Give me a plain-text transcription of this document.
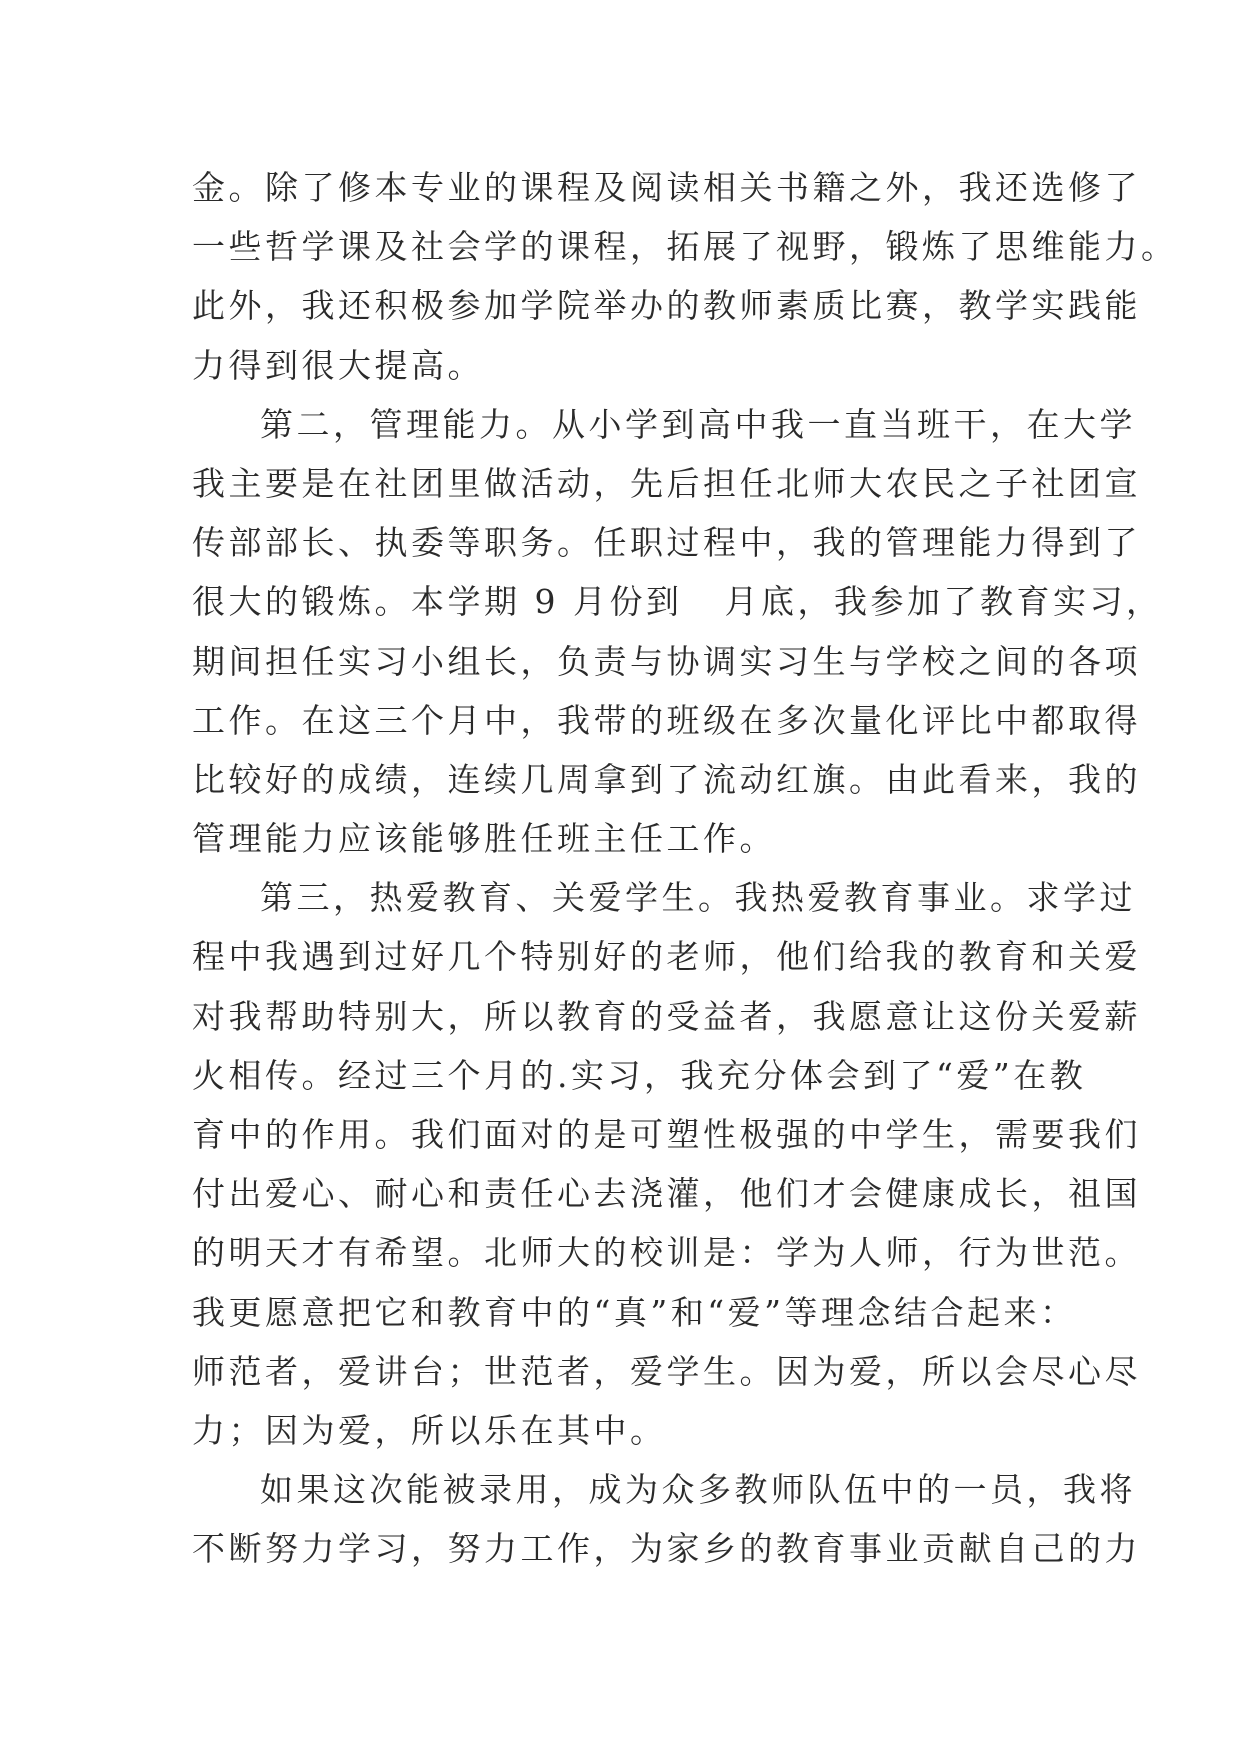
金。除了修本专业的课程及阅读相关书籍之外，我还选修了
一些哲学课及社会学的课程，拓展了视野，锻炼了思维能力。
此外，我还积极参加学院举办的教师素质比赛，教学实践能
力得到很大提高。
第二，管理能力。从小学到高中我一直当班干，在大学
我主要是在社团里做活动，先后担任北师大农民之子社团宣
传部部长、执委等职务。任职过程中，我的管理能力得到了
很大的锻炼。本学期 9 月份到   月底，我参加了教育实习，
期间担任实习小组长，负责与协调实习生与学校之间的各项
工作。在这三个月中，我带的班级在多次量化评比中都取得
比较好的成绩，连续几周拿到了流动红旗。由此看来，我的
管理能力应该能够胜任班主任工作。
第三，热爱教育、关爱学生。我热爱教育事业。求学过
程中我遇到过好几个特别好的老师，他们给我的教育和关爱
对我帮助特别大，所以教育的受益者，我愿意让这份关爱薪
火相传。经过三个月的.实习，我充分体会到了“爱”在教
育中的作用。我们面对的是可塑性极强的中学生，需要我们
付出爱心、耐心和责任心去浇灌，他们才会健康成长，祖国
的明天才有希望。北师大的校训是：学为人师，行为世范。
我更愿意把它和教育中的“真”和“爱”等理念结合起来：
师范者，爱讲台；世范者，爱学生。因为爱，所以会尽心尽
力；因为爱，所以乐在其中。
如果这次能被录用，成为众多教师队伍中的一员，我将
不断努力学习，努力工作，为家乡的教育事业贡献自己的力
